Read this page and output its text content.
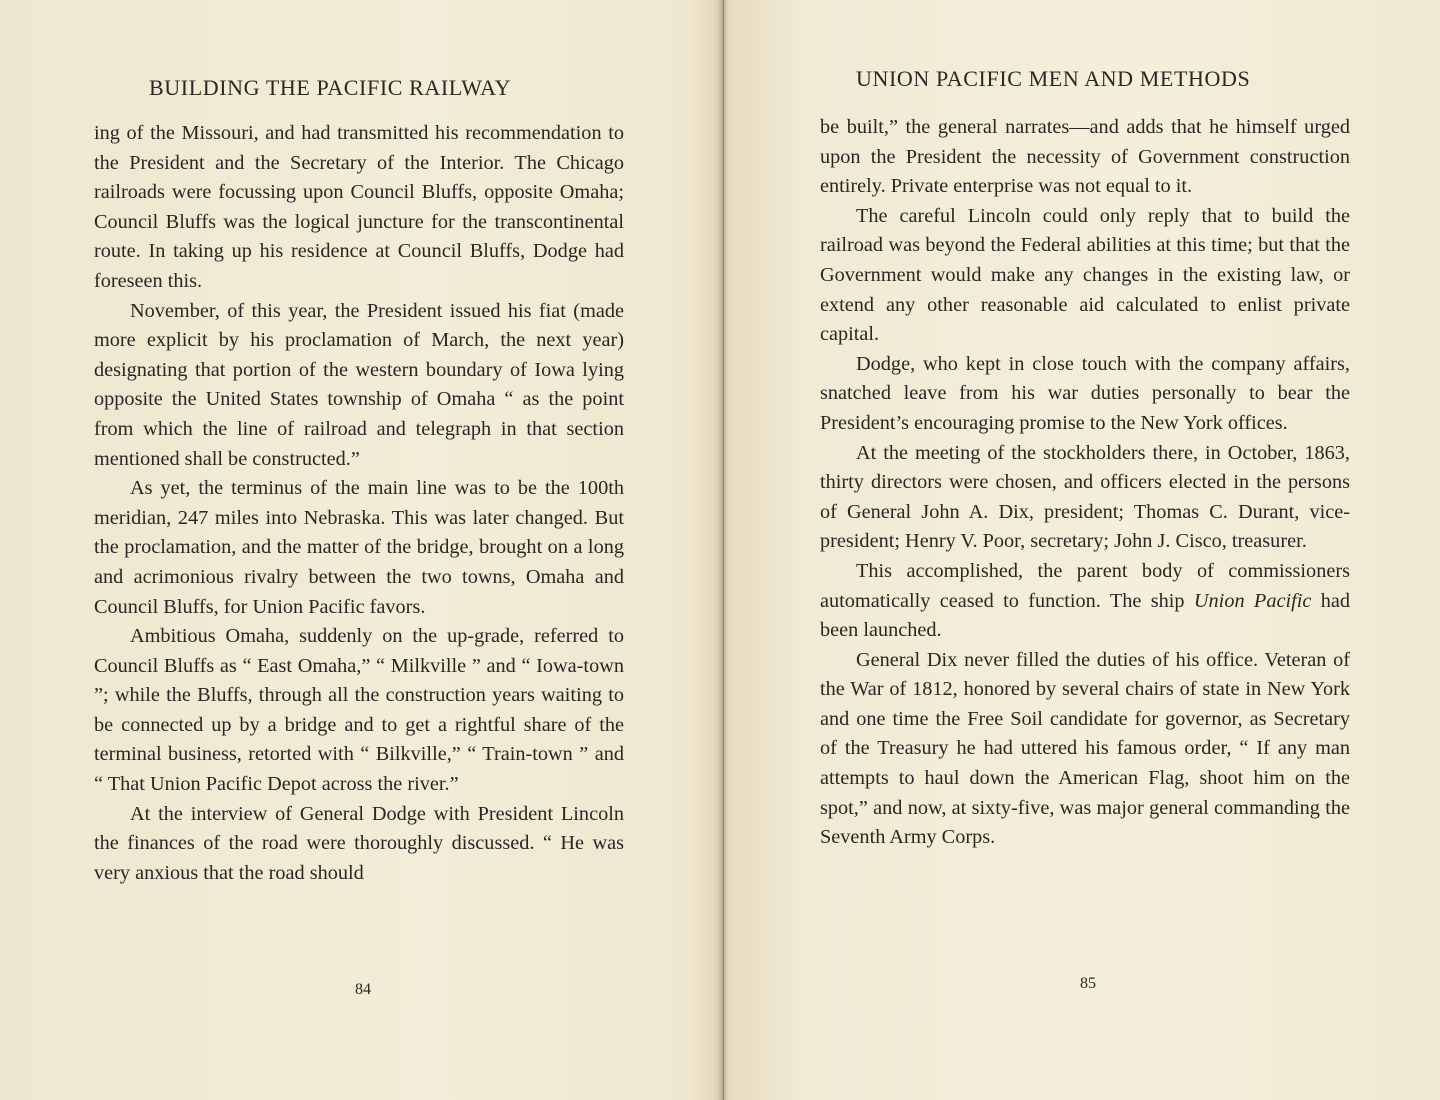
BUILDING THE PACIFIC RAILWAY

ing of the Missouri, and had transmitted his recommendation to the President and the Secretary of the Interior. The Chicago railroads were focussing upon Council Bluffs, opposite Omaha; Council Bluffs was the logical juncture for the transcontinental route. In taking up his residence at Council Bluffs, Dodge had foreseen this.

November, of this year, the President issued his fiat (made more explicit by his proclamation of March, the next year) designating that portion of the western boundary of Iowa lying opposite the United States township of Omaha “ as the point from which the line of railroad and telegraph in that section mentioned shall be constructed.”

As yet, the terminus of the main line was to be the 100th meridian, 247 miles into Nebraska. This was later changed. But the proclamation, and the matter of the bridge, brought on a long and acrimonious rivalry between the two towns, Omaha and Council Bluffs, for Union Pacific favors.

Ambitious Omaha, suddenly on the up-grade, referred to Council Bluffs as “ East Omaha,” “ Milkville ” and “ Iowa-town ”; while the Bluffs, through all the construction years waiting to be connected up by a bridge and to get a rightful share of the terminal business, retorted with “ Bilkville,” “ Train-town ” and “ That Union Pacific Depot across the river.”

At the interview of General Dodge with President Lincoln the finances of the road were thoroughly discussed. “ He was very anxious that the road should

84
UNION PACIFIC MEN AND METHODS

be built,” the general narrates—and adds that he himself urged upon the President the necessity of Government construction entirely. Private enterprise was not equal to it.

The careful Lincoln could only reply that to build the railroad was beyond the Federal abilities at this time; but that the Government would make any changes in the existing law, or extend any other reasonable aid calculated to enlist private capital.

Dodge, who kept in close touch with the company affairs, snatched leave from his war duties personally to bear the President’s encouraging promise to the New York offices.

At the meeting of the stockholders there, in October, 1863, thirty directors were chosen, and officers elected in the persons of General John A. Dix, president; Thomas C. Durant, vice-president; Henry V. Poor, secretary; John J. Cisco, treasurer.

This accomplished, the parent body of commissioners automatically ceased to function. The ship Union Pacific had been launched.

General Dix never filled the duties of his office. Veteran of the War of 1812, honored by several chairs of state in New York and one time the Free Soil candidate for governor, as Secretary of the Treasury he had uttered his famous order, “ If any man attempts to haul down the American Flag, shoot him on the spot,” and now, at sixty-five, was major general commanding the Seventh Army Corps.

85
